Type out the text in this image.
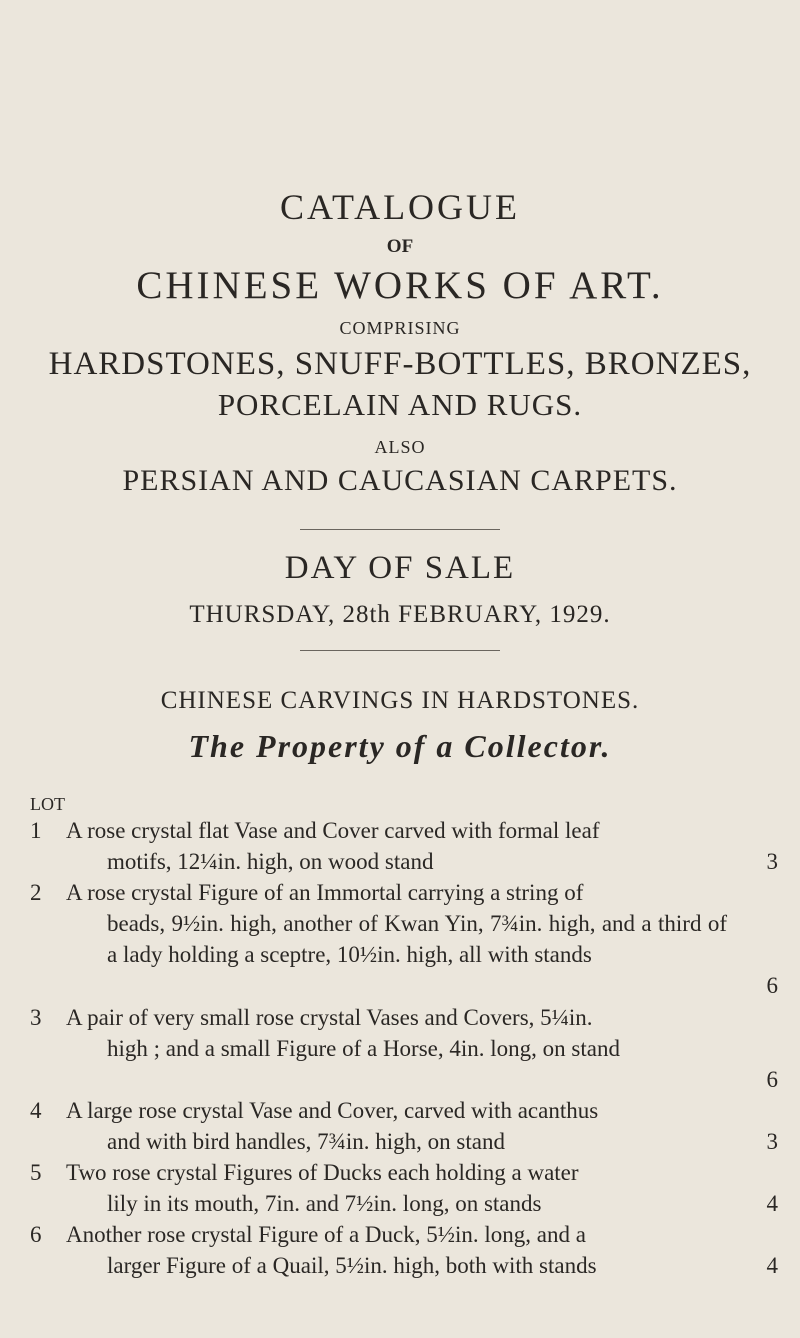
CATALOGUE
OF
CHINESE WORKS OF ART.
COMPRISING
HARDSTONES, SNUFF-BOTTLES, BRONZES,
PORCELAIN AND RUGS.
ALSO
PERSIAN AND CAUCASIAN CARPETS.
DAY OF SALE
THURSDAY, 28th FEBRUARY, 1929.
CHINESE CARVINGS IN HARDSTONES.
The Property of a Collector.
LOT
1	A rose crystal flat Vase and Cover carved with formal leaf
motifs, 12¼in. high, on wood stand	3
2	A rose crystal Figure of an Immortal carrying a string of
beads, 9½in. high, another of Kwan Yin, 7¾in. high, and a third of a lady holding a sceptre, 10½in. high, all with stands
6
3	A pair of very small rose crystal Vases and Covers, 5¼in.
high ; and a small Figure of a Horse, 4in. long, on stand
6
4	A large rose crystal Vase and Cover, carved with acanthus
and with bird handles, 7¾in. high, on stand	3
5	Two rose crystal Figures of Ducks each holding a water
lily in its mouth, 7in. and 7½in. long, on stands	4
6	Another rose crystal Figure of a Duck, 5½in. long, and a
larger Figure of a Quail, 5½in. high, both with stands	4
